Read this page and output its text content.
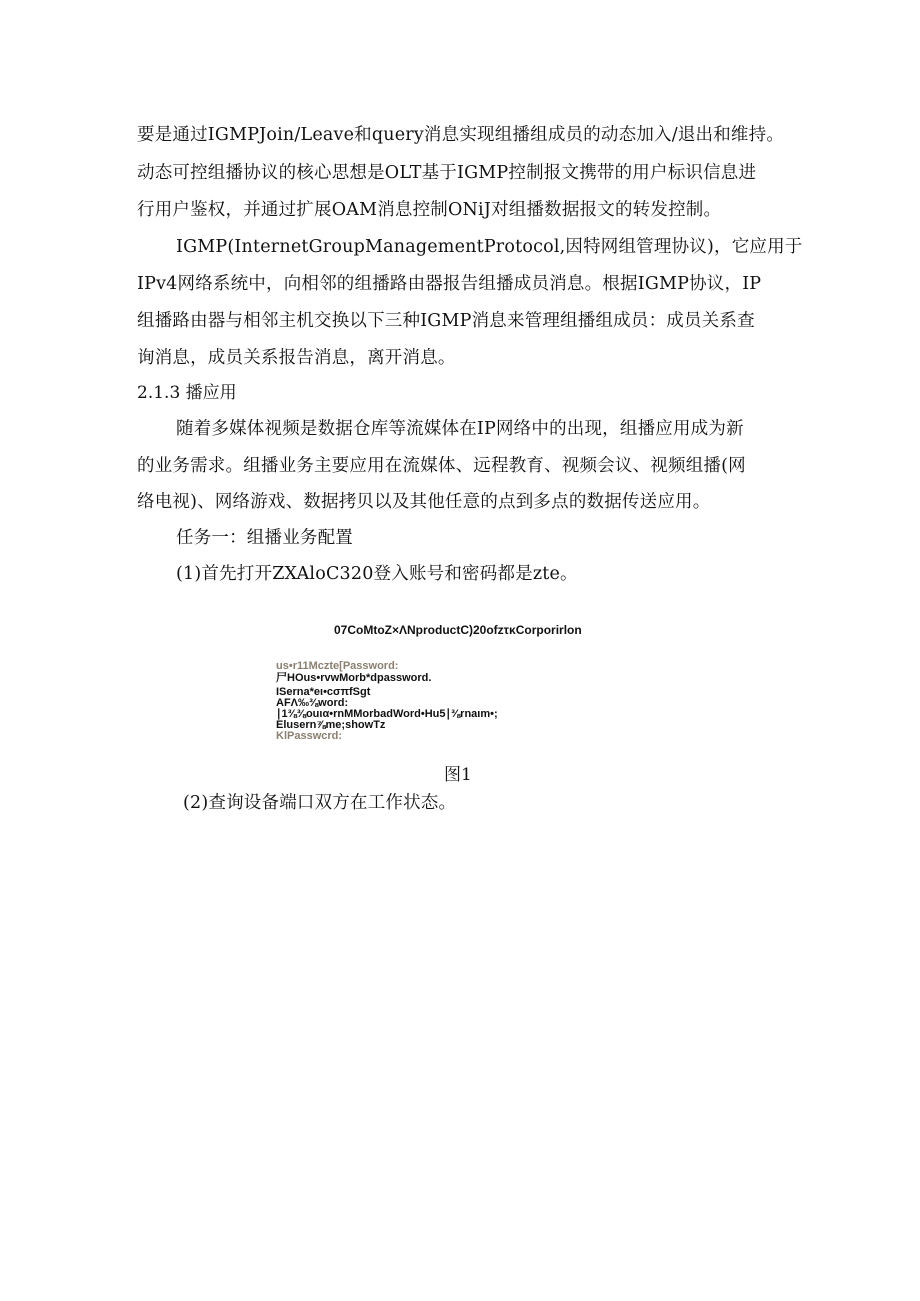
要是通过IGMPJoin/Leave和query消息实现组播组成员的动态加入/退出和维持。
动态可控组播协议的核心思想是OLT基于IGMP控制报文携带的用户标识信息进
行用户鉴权，并通过扩展OAM消息控制ONiJ对组播数据报文的转发控制。
IGMP(InternetGroupManagementProtocol,因特网组管理协议)，它应用于
IPv4网络系统中，向相邻的组播路由器报告组播成员消息。根据IGMP协议，IP
组播路由器与相邻主机交换以下三种IGMP消息来管理组播组成员：成员关系查
询消息，成员关系报告消息，离开消息。
2.1.3 播应用
随着多媒体视频是数据仓库等流媒体在IP网络中的出现，组播应用成为新
的业务需求。组播业务主要应用在流媒体、远程教育、视频会议、视频组播(网
络电视)、网络游戏、数据拷贝以及其他任意的点到多点的数据传送应用。
任务一：组播业务配置
(1)首先打开ZXAloC320登入账号和密码都是zte。
07CoMtoZ×ΛNproductC)20ofzτκCorporirlon
us•r11Mczte[Password:
尸HOus•rvwMorb*dpassword.
ISerna*eι•cσπfSgt
AFΛ‰⅜word:
∣1⅜⅜ouια•rnMMorbadWord•Hu5∣⅜rnaιm•;
Elusern⅞me;showTz
KlPasswcrd:
图1
(2)查询设备端口双方在工作状态。
